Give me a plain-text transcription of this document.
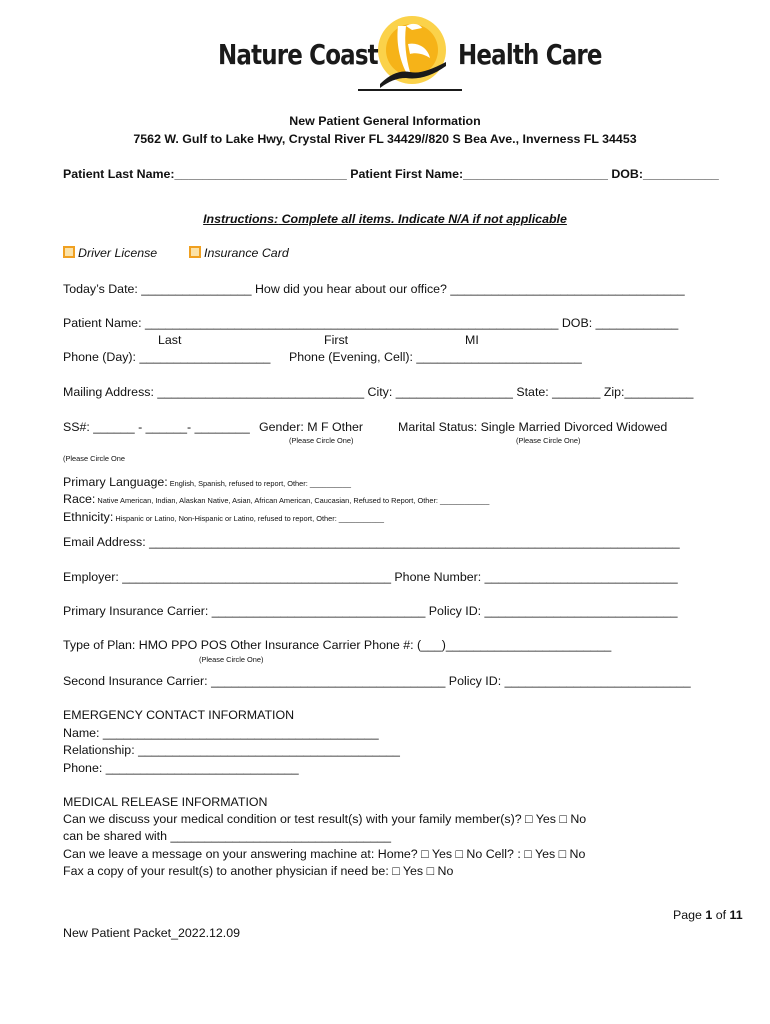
Nature Coast	Health Care
New Patient General Information
7562 W. Gulf to Lake Hwy, Crystal River FL 34429//820 S Bea Ave., Inverness FL 34453
Patient Last Name:_________________________ Patient First Name:_____________________ DOB:___________
Instructions: Complete all items. Indicate N/A if not applicable
Driver License	Insurance Card
Today’s Date: ________________ How did you hear about our office? __________________________________
Patient Name: ____________________________________________________________ DOB: ____________
Last	First	MI
Phone (Day): ___________________ Phone (Evening, Cell): ________________________
Mailing Address: ______________________________ City: _________________ State: _______ Zip:__________
SS#: ______ - ______- ________ Gender: M F Other	Marital Status: Single Married Divorced Widowed
(Please Circle One)	(Please Circle One)
(Please Circle One
Primary Language: English, Spanish, refused to report, Other: __________
Race: Native American, Indian, Alaskan Native, Asian, African American, Caucasian, Refused to Report, Other: ____________
Ethnicity: Hispanic or Latino, Non-Hispanic or Latino, refused to report, Other: ___________
Email Address: _____________________________________________________________________________
Employer: _______________________________________ Phone Number: ____________________________
Primary Insurance Carrier: _______________________________ Policy ID: ____________________________
Type of Plan: HMO PPO POS Other Insurance Carrier Phone #: (___)________________________
(Please Circle One)
Second Insurance Carrier: __________________________________ Policy ID: ___________________________
EMERGENCY CONTACT INFORMATION
Name: ________________________________________
Relationship: ______________________________________
Phone: ____________________________
MEDICAL RELEASE INFORMATION
Can we discuss your medical condition or test result(s) with your family member(s)? □ Yes □ No
can be shared with ________________________________
Can we leave a message on your answering machine at: Home? □ Yes □ No Cell? : □ Yes □ No
Fax a copy of your result(s) to another physician if need be: □ Yes □ No
Page 1 of 11
New Patient Packet_2022.12.09
